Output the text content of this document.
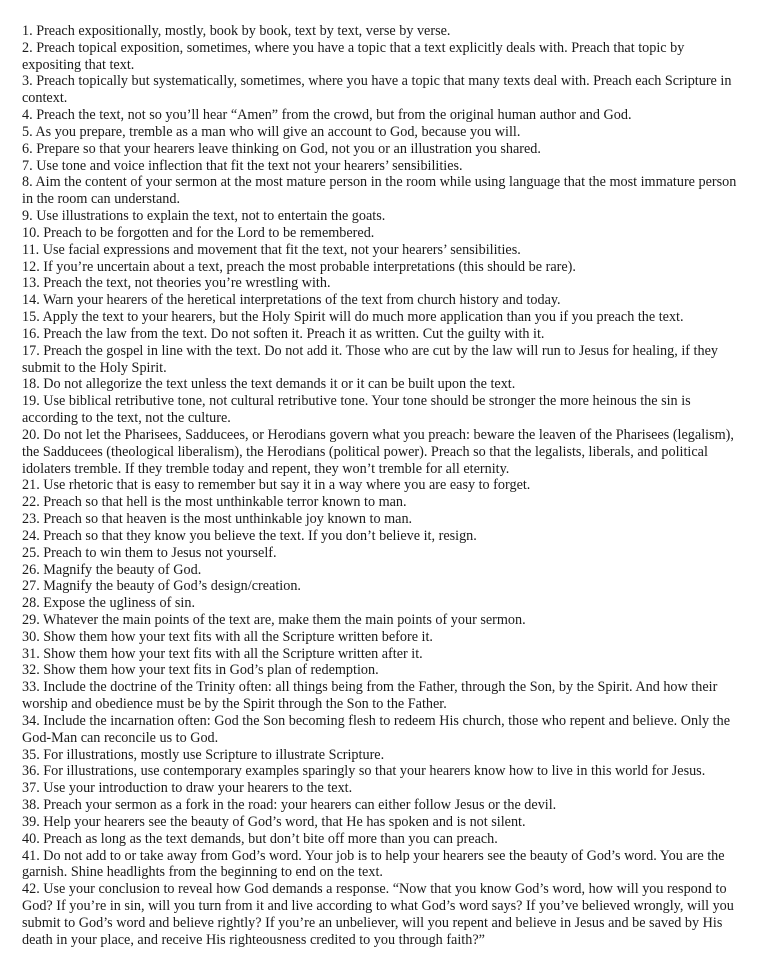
1. Preach expositionally, mostly, book by book, text by text, verse by verse.
2. Preach topical exposition, sometimes, where you have a topic that a text explicitly deals with. Preach that topic by expositing that text.
3. Preach topically but systematically, sometimes, where you have a topic that many texts deal with. Preach each Scripture in context.
4. Preach the text, not so you’ll hear “Amen” from the crowd, but from the original human author and God.
5. As you prepare, tremble as a man who will give an account to God, because you will.
6. Prepare so that your hearers leave thinking on God, not you or an illustration you shared.
7. Use tone and voice inflection that fit the text not your hearers’ sensibilities.
8. Aim the content of your sermon at the most mature person in the room while using language that the most immature person in the room can understand.
9. Use illustrations to explain the text, not to entertain the goats.
10. Preach to be forgotten and for the Lord to be remembered.
11. Use facial expressions and movement that fit the text, not your hearers’ sensibilities.
12. If you’re uncertain about a text, preach the most probable interpretations (this should be rare).
13. Preach the text, not theories you’re wrestling with.
14. Warn your hearers of the heretical interpretations of the text from church history and today.
15. Apply the text to your hearers, but the Holy Spirit will do much more application than you if you preach the text.
16. Preach the law from the text. Do not soften it. Preach it as written. Cut the guilty with it.
17. Preach the gospel in line with the text. Do not add it. Those who are cut by the law will run to Jesus for healing, if they submit to the Holy Spirit.
18. Do not allegorize the text unless the text demands it or it can be built upon the text.
19. Use biblical retributive tone, not cultural retributive tone. Your tone should be stronger the more heinous the sin is according to the text, not the culture.
20. Do not let the Pharisees, Sadducees, or Herodians govern what you preach: beware the leaven of the Pharisees (legalism), the Sadducees (theological liberalism), the Herodians (political power). Preach so that the legalists, liberals, and political idolaters tremble. If they tremble today and repent, they won’t tremble for all eternity.
21. Use rhetoric that is easy to remember but say it in a way where you are easy to forget.
22. Preach so that hell is the most unthinkable terror known to man.
23. Preach so that heaven is the most unthinkable joy known to man.
24. Preach so that they know you believe the text. If you don’t believe it, resign.
25. Preach to win them to Jesus not yourself.
26. Magnify the beauty of God.
27. Magnify the beauty of God’s design/creation.
28. Expose the ugliness of sin.
29. Whatever the main points of the text are, make them the main points of your sermon.
30. Show them how your text fits with all the Scripture written before it.
31. Show them how your text fits with all the Scripture written after it.
32. Show them how your text fits in God’s plan of redemption.
33. Include the doctrine of the Trinity often: all things being from the Father, through the Son, by the Spirit. And how their worship and obedience must be by the Spirit through the Son to the Father.
34. Include the incarnation often: God the Son becoming flesh to redeem His church, those who repent and believe. Only the God-Man can reconcile us to God.
35. For illustrations, mostly use Scripture to illustrate Scripture.
36. For illustrations, use contemporary examples sparingly so that your hearers know how to live in this world for Jesus.
37. Use your introduction to draw your hearers to the text.
38. Preach your sermon as a fork in the road: your hearers can either follow Jesus or the devil.
39. Help your hearers see the beauty of God’s word, that He has spoken and is not silent.
40. Preach as long as the text demands, but don’t bite off more than you can preach.
41. Do not add to or take away from God’s word. Your job is to help your hearers see the beauty of God’s word. You are the garnish. Shine headlights from the beginning to end on the text.
42. Use your conclusion to reveal how God demands a response. “Now that you know God’s word, how will you respond to God? If you’re in sin, will you turn from it and live according to what God’s word says? If you’ve believed wrongly, will you submit to God’s word and believe rightly? If you’re an unbeliever, will you repent and believe in Jesus and be saved by His death in your place, and receive His righteousness credited to you through faith?”
